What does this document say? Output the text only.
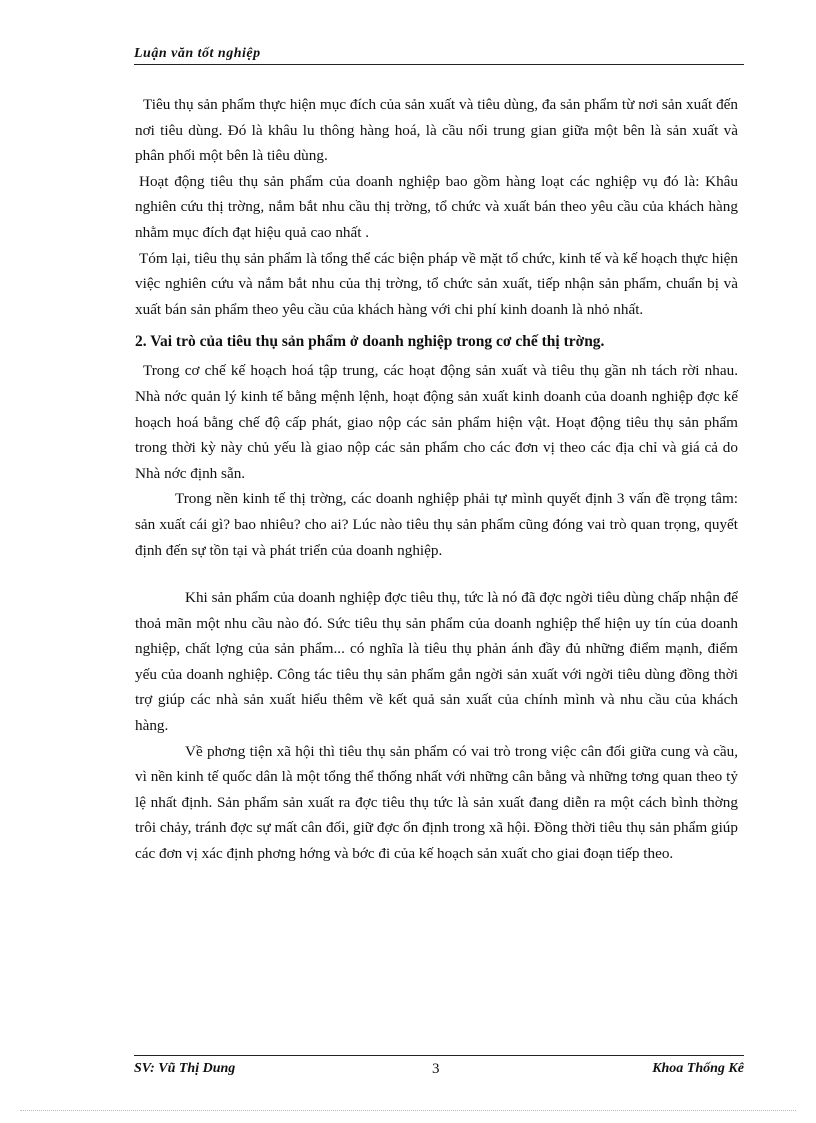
Luận văn tốt nghiệp

Tiêu thụ sản phẩm thực hiện mục đích của sản xuất và tiêu dùng, đa sản phẩm từ nơi sản xuất đến nơi tiêu dùng. Đó là khâu lu thông hàng hoá, là cầu nối trung gian giữa một bên là sản xuất và phân phối một bên là tiêu dùng.

Hoạt động tiêu thụ sản phẩm của doanh nghiệp bao gồm hàng loạt các nghiệp vụ đó là: Khâu nghiên cứu thị trờng, nắm bắt nhu cầu thị trờng, tổ chức và xuất bán theo yêu cầu của khách hàng nhằm mục đích đạt hiệu quả cao nhất .

Tóm lại, tiêu thụ sản phẩm là tổng thể các biện pháp về mặt tổ chức, kinh tế và kế hoạch thực hiện việc nghiên cứu và nắm bắt nhu của thị trờng, tổ chức sản xuất, tiếp nhận sản phẩm, chuẩn bị và xuất bán sản phẩm theo yêu cầu của khách hàng với chi phí kinh doanh là nhỏ nhất.

2. Vai trò của tiêu thụ sản phẩm ở doanh nghiệp trong cơ chế thị trờng.

Trong cơ chế kế hoạch hoá tập trung, các hoạt động sản xuất và tiêu thụ gần nh tách rời nhau. Nhà nớc quản lý kinh tế bằng mệnh lệnh, hoạt động sản xuất kinh doanh của doanh nghiệp đợc kế hoạch hoá bằng chế độ cấp phát, giao nộp các sản phẩm hiện vật. Hoạt động tiêu thụ sản phẩm trong thời kỳ này chủ yếu là giao nộp các sản phẩm cho các đơn vị theo các địa chỉ và giá cả do Nhà nớc định sẵn.

Trong nền kinh tế thị trờng, các doanh nghiệp phải tự mình quyết định 3 vấn đề trọng tâm: sản xuất cái gì? bao nhiêu? cho ai? Lúc nào tiêu thụ sản phẩm cũng đóng vai trò quan trọng, quyết định đến sự tồn tại và phát triển của doanh nghiệp.

Khi sản phẩm của doanh nghiệp đợc tiêu thụ, tức là nó đã đợc ngời tiêu dùng chấp nhận để thoả mãn một nhu cầu nào đó. Sức tiêu thụ sản phẩm của doanh nghiệp thể hiện uy tín của doanh nghiệp, chất lợng của sản phẩm... có nghĩa là tiêu thụ phản ánh đầy đủ những điểm mạnh, điểm yếu của doanh nghiệp. Công tác tiêu thụ sản phẩm gắn ngời sản xuất với ngời tiêu dùng đồng thời trợ giúp các nhà sản xuất hiểu thêm về kết quả sản xuất của chính mình và nhu cầu của khách hàng.

Về phơng tiện xã hội thì tiêu thụ sản phẩm có vai trò trong việc cân đối giữa cung và cầu, vì nền kinh tế quốc dân là một tổng thể thống nhất với những cân bằng và những tơng quan theo tỷ lệ nhất định. Sản phẩm sản xuất ra đợc tiêu thụ tức là sản xuất đang diễn ra một cách bình thờng trôi chảy, tránh đợc sự mất cân đối, giữ đợc ổn định trong xã hội. Đồng thời tiêu thụ sản phẩm giúp các đơn vị xác định phơng hớng và bớc đi của kế hoạch sản xuất cho giai đoạn tiếp theo.

SV: Vũ Thị Dung	3	Khoa Thống Kê
